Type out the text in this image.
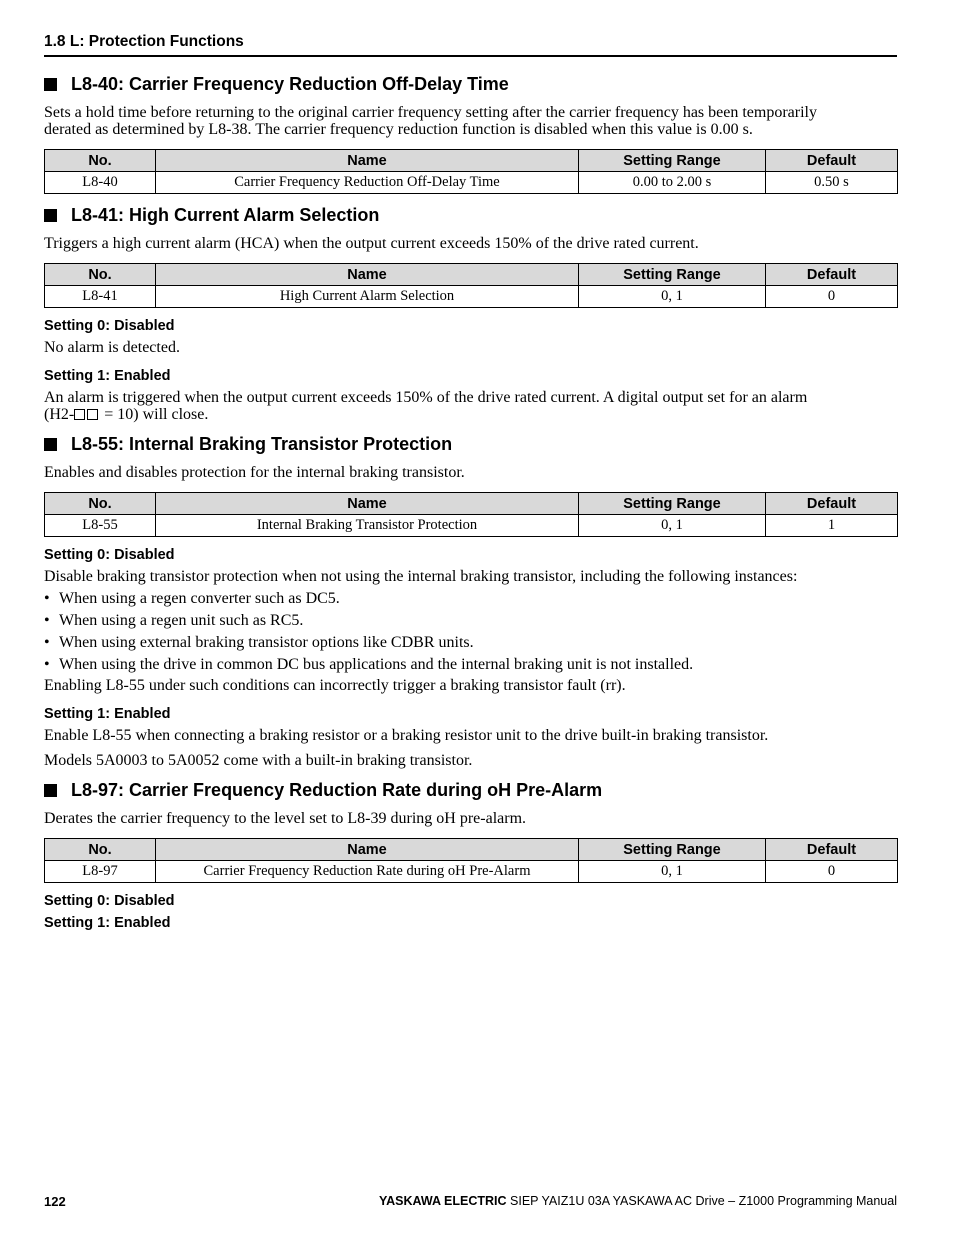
1.8 L: Protection Functions
L8-40: Carrier Frequency Reduction Off-Delay Time
Sets a hold time before returning to the original carrier frequency setting after the carrier frequency has been temporarily
derated as determined by L8-38. The carrier frequency reduction function is disabled when this value is 0.00 s.
No.	Name	Setting Range	Default
L8-40	Carrier Frequency Reduction Off-Delay Time	0.00 to 2.00 s	0.50 s
L8-41: High Current Alarm Selection
Triggers a high current alarm (HCA) when the output current exceeds 150% of the drive rated current.
No.	Name	Setting Range	Default
L8-41	High Current Alarm Selection	0, 1	0
Setting 0: Disabled
No alarm is detected.
Setting 1: Enabled
An alarm is triggered when the output current exceeds 150% of the drive rated current. A digital output set for an alarm
(H2- = 10) will close.
L8-55: Internal Braking Transistor Protection
Enables and disables protection for the internal braking transistor.
No.	Name	Setting Range	Default
L8-55	Internal Braking Transistor Protection	0, 1	1
Setting 0: Disabled
Disable braking transistor protection when not using the internal braking transistor, including the following instances:
• When using a regen converter such as DC5.
• When using a regen unit such as RC5.
• When using external braking transistor options like CDBR units.
• When using the drive in common DC bus applications and the internal braking unit is not installed.
Enabling L8-55 under such conditions can incorrectly trigger a braking transistor fault (rr).
Setting 1: Enabled
Enable L8-55 when connecting a braking resistor or a braking resistor unit to the drive built-in braking transistor.
Models 5A0003 to 5A0052 come with a built-in braking transistor.
L8-97: Carrier Frequency Reduction Rate during oH Pre-Alarm
Derates the carrier frequency to the level set to L8-39 during oH pre-alarm.
No.	Name	Setting Range	Default
L8-97	Carrier Frequency Reduction Rate during oH Pre-Alarm	0, 1	0
Setting 0: Disabled
Setting 1: Enabled
122	YASKAWA ELECTRIC SIEP YAIZ1U 03A YASKAWA AC Drive – Z1000 Programming Manual
